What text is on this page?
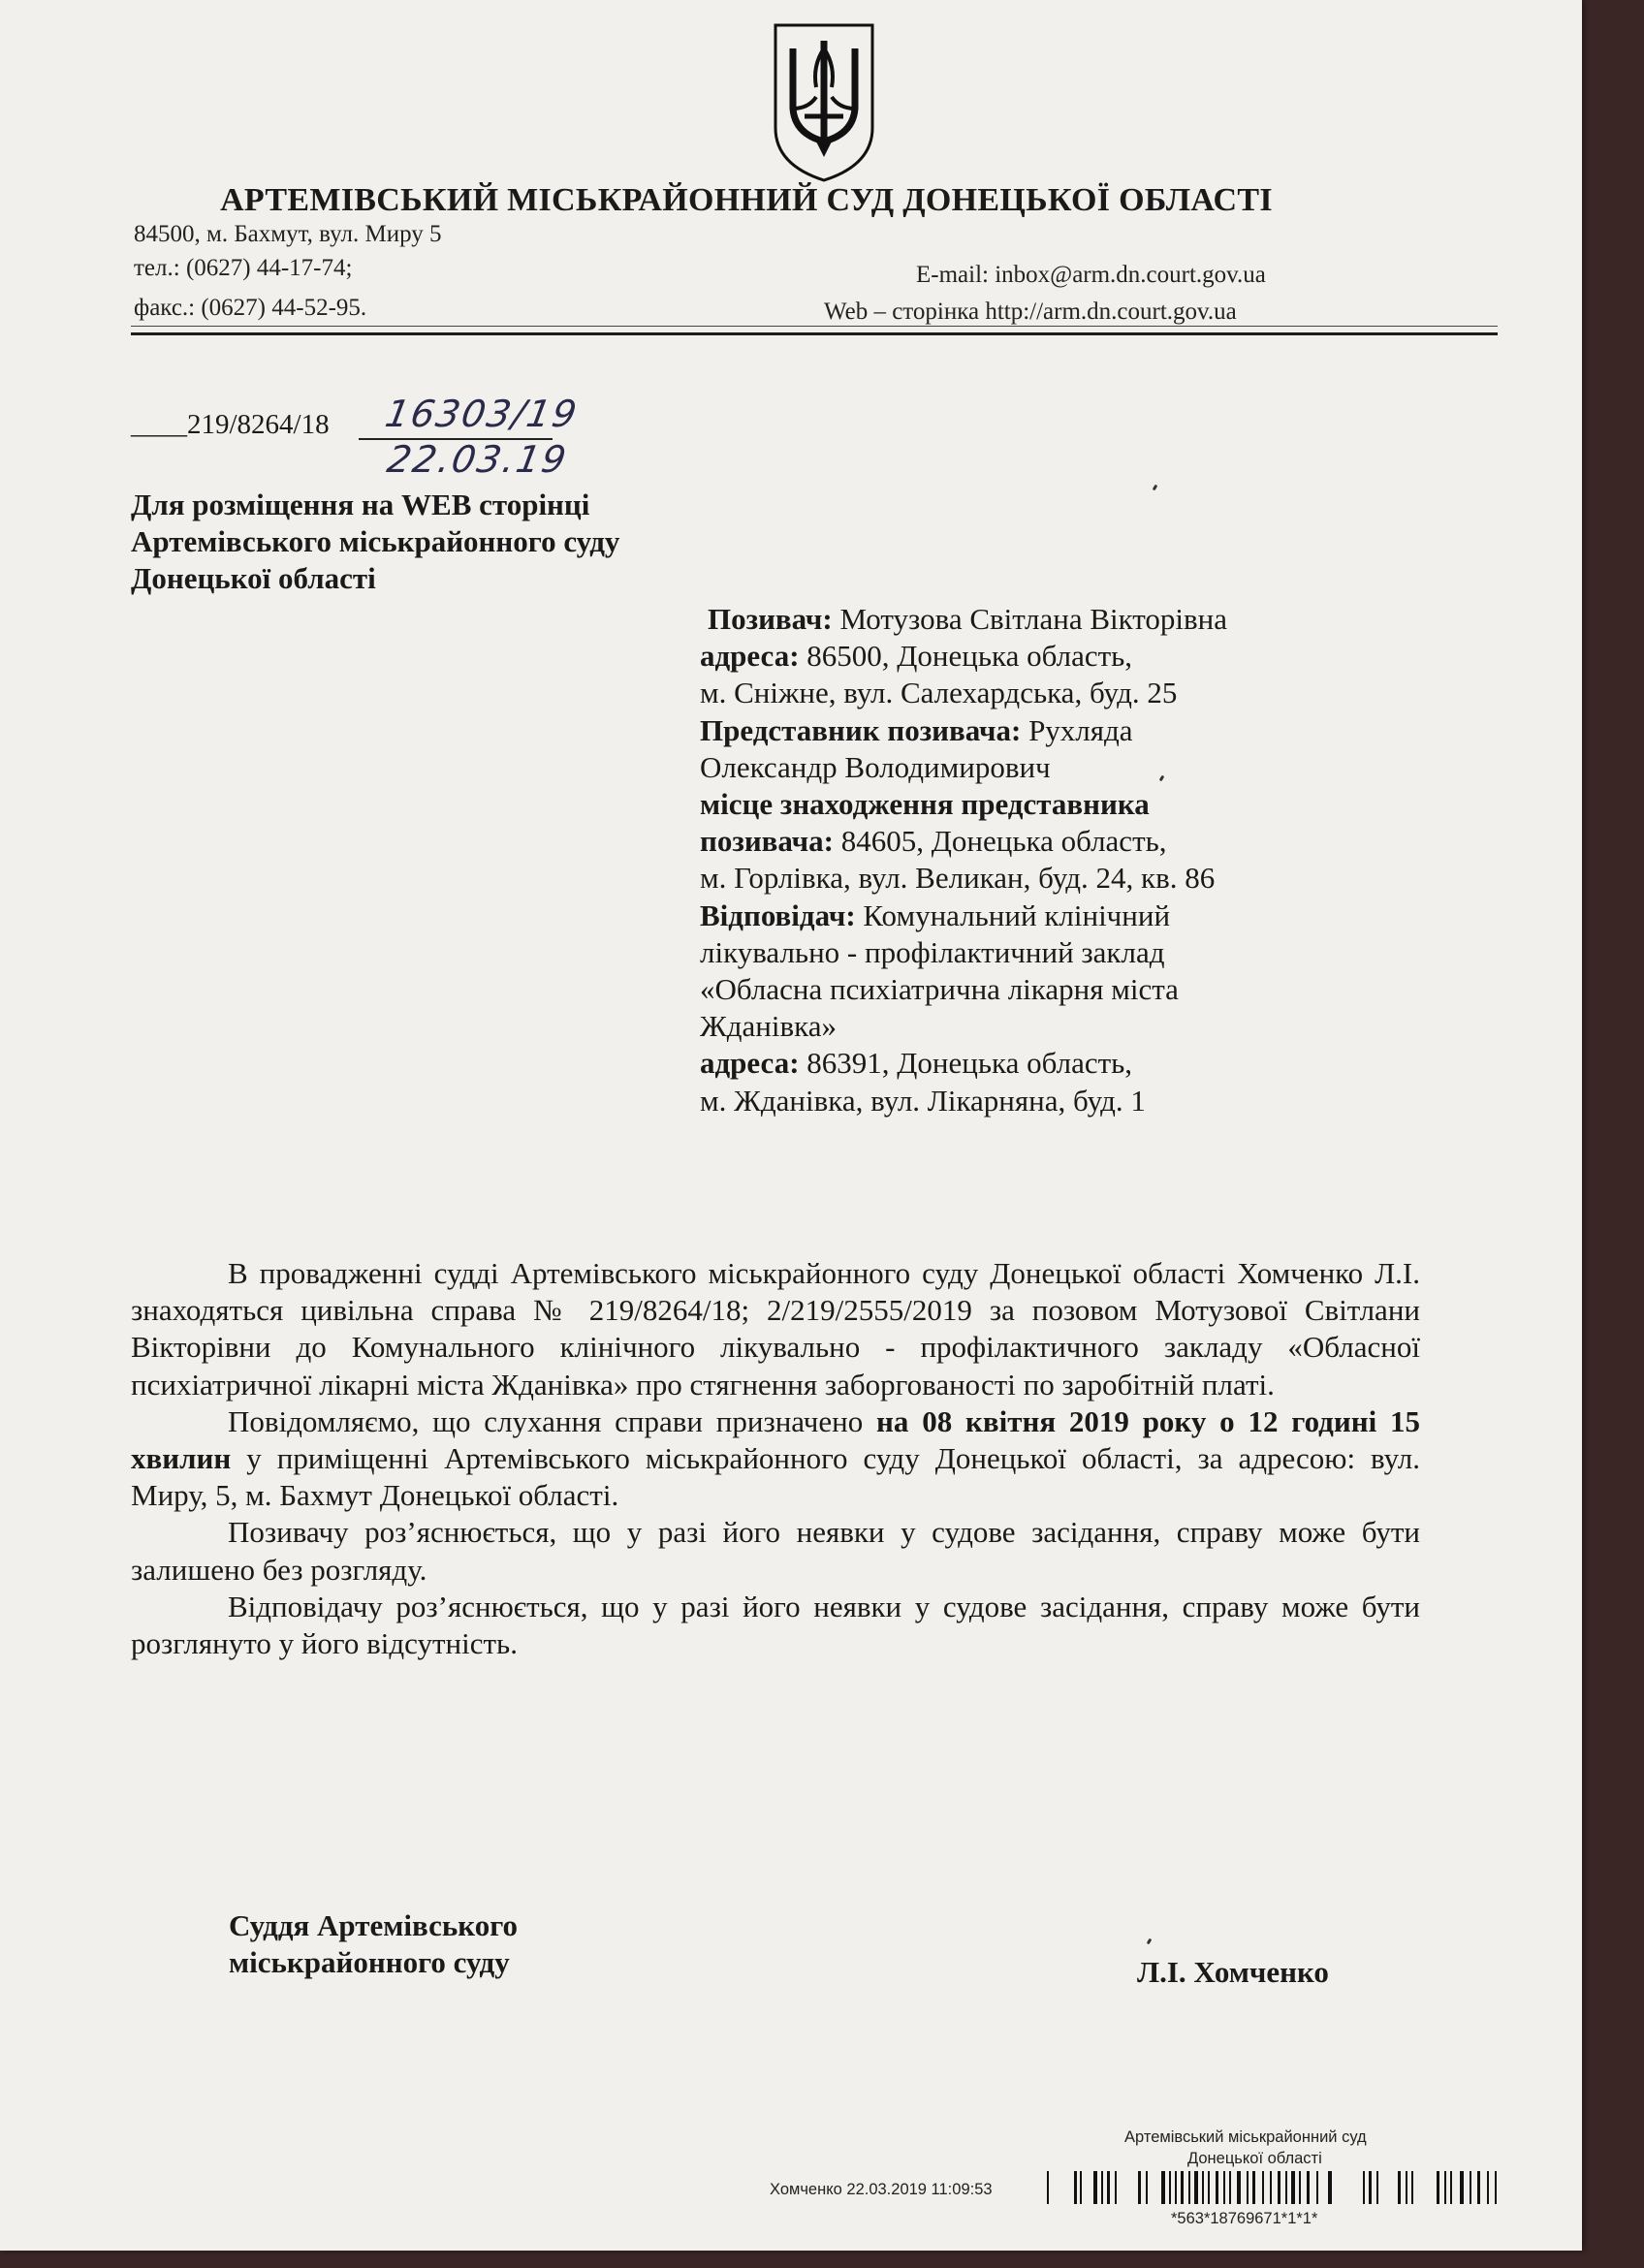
АРТЕМІВСЬКИЙ МІСЬКРАЙОННИЙ СУД ДОНЕЦЬКОЇ ОБЛАСТІ
84500, м. Бахмут, вул. Миру 5
тел.: (0627) 44-17-74;
факс.: (0627) 44-52-95.
E-mail: inbox@arm.dn.court.gov.ua
Web – сторінка http://arm.dn.court.gov.ua
____219/8264/18 16303/19
22.03.19
Для розміщення на WEB сторінці
Артемівського міськрайонного суду
Донецької області
Позивач: Мотузова Світлана Вікторівна
адреса: 86500, Донецька область,
м. Сніжне, вул. Салехардська, буд. 25
Представник позивача: Рухляда
Олександр Володимирович
місце знаходження представника
позивача: 84605, Донецька область,
м. Горлівка, вул. Великан, буд. 24, кв. 86
Відповідач: Комунальний клінічний
лікувально - профілактичний заклад
«Обласна психіатрична лікарня міста
Жданівка»
адреса: 86391, Донецька область,
м. Жданівка, вул. Лікарняна, буд. 1

В провадженні судді Артемівського міськрайонного суду Донецької області Хомченко Л.І. знаходяться цивільна справа № 219/8264/18; 2/219/2555/2019 за позовом Мотузової Світлани Вікторівни до Комунального клінічного лікувально - профілактичного закладу «Обласної психіатричної лікарні міста Жданівка» про стягнення заборгованості по заробітній платі.

Повідомляємо, що слухання справи призначено на 08 квітня 2019 року о 12 годині 15 хвилин у приміщенні Артемівського міськрайонного суду Донецької області, за адресою: вул. Миру, 5, м. Бахмут Донецької області.

Позивачу роз’яснюється, що у разі його неявки у судове засідання, справу може бути залишено без розгляду.

Відповідачу роз’яснюється, що у разі його неявки у судове засідання, справу може бути розглянуто у його відсутність.

Суддя Артемівського
міськрайонного суду	Л.І. Хомченко
Артемівський міськрайонний суд
Донецької області
Хомченко 22.03.2019 11:09:53
*563*18769671*1*1*
